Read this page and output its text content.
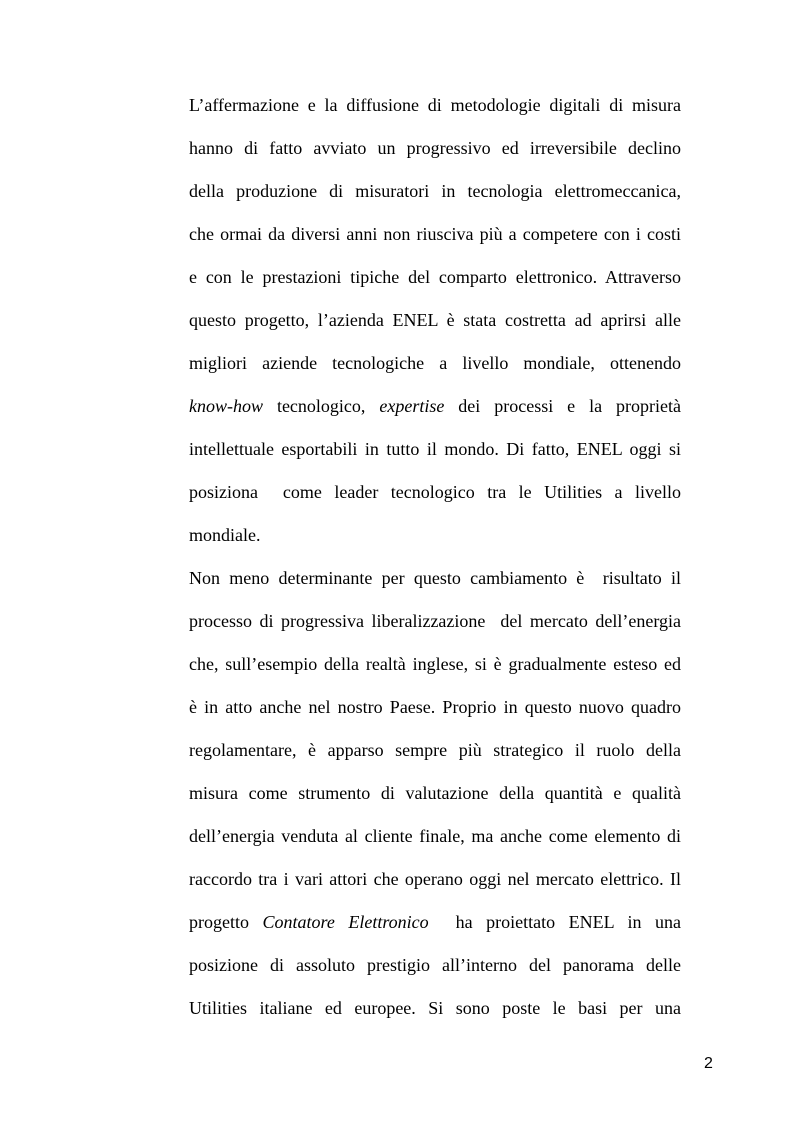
L’affermazione e la diffusione di metodologie digitali di misura
hanno di fatto avviato un progressivo ed irreversibile declino
della produzione di misuratori in tecnologia elettromeccanica,
che ormai da diversi anni non riusciva più a competere con i costi
e con le prestazioni tipiche del comparto elettronico. Attraverso
questo progetto, l’azienda ENEL è stata costretta ad aprirsi alle
migliori aziende tecnologiche a livello mondiale, ottenendo
know-how tecnologico, expertise dei processi e la proprietà
intellettuale esportabili in tutto il mondo. Di fatto, ENEL oggi si
posiziona  come leader tecnologico tra le Utilities a livello
mondiale.
Non meno determinante per questo cambiamento è  risultato il
processo di progressiva liberalizzazione  del mercato dell’energia
che, sull’esempio della realtà inglese, si è gradualmente esteso ed
è in atto anche nel nostro Paese. Proprio in questo nuovo quadro
regolamentare, è apparso sempre più strategico il ruolo della
misura come strumento di valutazione della quantità e qualità
dell’energia venduta al cliente finale, ma anche come elemento di
raccordo tra i vari attori che operano oggi nel mercato elettrico. Il
progetto Contatore Elettronico  ha proiettato ENEL in una
posizione di assoluto prestigio all’interno del panorama delle
Utilities italiane ed europee. Si sono poste le basi per una
2
